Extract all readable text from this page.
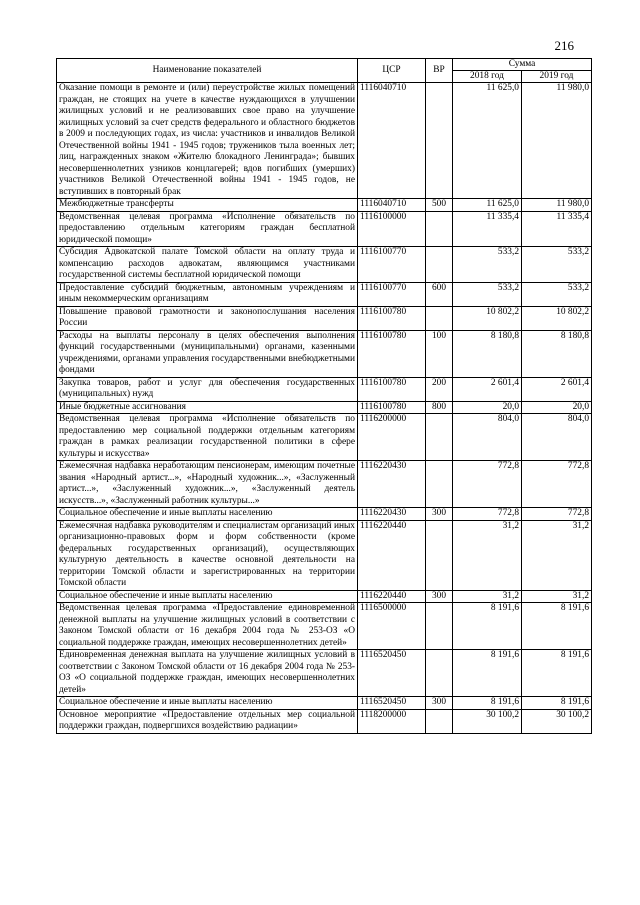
216
Наименование показателей	ЦСР	ВР	Сумма	
			2018 год	2019 год
Оказание помощи в ремонте и (или) переустройстве жилых помещений граждан, не стоящих на учете в качестве нуждающихся в улучшении жилищных условий и не реализовавших свое право на улучшение жилищных условий за счет средств федерального и областного бюджетов в 2009 и последующих годах, из числа: участников и инвалидов Великой Отечественной войны 1941 - 1945 годов; тружеников тыла военных лет; лиц, награжденных знаком «Жителю блокадного Ленинграда»; бывших несовершеннолетних узников концлагерей; вдов погибших (умерших) участников Великой Отечественной войны 1941 - 1945 годов, не вступивших в повторный брак	1116040710		11 625,0	11 980,0
Межбюджетные трансферты	1116040710	500	11 625,0	11 980,0
Ведомственная целевая программа «Исполнение обязательств по предоставлению отдельным категориям граждан бесплатной юридической помощи»	1116100000		11 335,4	11 335,4
Субсидия Адвокатской палате Томской области на оплату труда и компенсацию расходов адвокатам, являющимся участниками государственной системы бесплатной юридической помощи	1116100770		533,2	533,2
Предоставление субсидий бюджетным, автономным учреждениям и иным некоммерческим организациям	1116100770	600	533,2	533,2
Повышение правовой грамотности и законопослушания населения России	1116100780		10 802,2	10 802,2
Расходы на выплаты персоналу в целях обеспечения выполнения функций государственными (муниципальными) органами, казенными учреждениями, органами управления государственными внебюджетными фондами	1116100780	100	8 180,8	8 180,8
Закупка товаров, работ и услуг для обеспечения государственных (муниципальных) нужд	1116100780	200	2 601,4	2 601,4
Иные бюджетные ассигнования	1116100780	800	20,0	20,0
Ведомственная целевая программа «Исполнение обязательств по предоставлению мер социальной поддержки отдельным категориям граждан в рамках реализации государственной политики в сфере культуры и искусства»	1116200000		804,0	804,0
Ежемесячная надбавка неработающим пенсионерам, имеющим почетные звания «Народный артист...», «Народный художник...», «Заслуженный артист...», «Заслуженный художник...», «Заслуженный деятель искусств...», «Заслуженный работник культуры...»	1116220430		772,8	772,8
Социальное обеспечение и иные выплаты населению	1116220430	300	772,8	772,8
Ежемесячная надбавка руководителям и специалистам организаций иных организационно-правовых форм и форм собственности (кроме федеральных государственных организаций), осуществляющих культурную деятельность в качестве основной деятельности на территории Томской области и зарегистрированных на территории Томской области	1116220440		31,2	31,2
Социальное обеспечение и иные выплаты населению	1116220440	300	31,2	31,2
Ведомственная целевая программа «Предоставление единовременной денежной выплаты на улучшение жилищных условий в соответствии с Законом Томской области от 16 декабря 2004 года № 253-ОЗ «О социальной поддержке граждан, имеющих несовершеннолетних детей»	1116500000		8 191,6	8 191,6
Единовременная денежная выплата на улучшение жилищных условий в соответствии с Законом Томской области от 16 декабря 2004 года № 253-ОЗ «О социальной поддержке граждан, имеющих несовершеннолетних детей»	1116520450		8 191,6	8 191,6
Социальное обеспечение и иные выплаты населению	1116520450	300	8 191,6	8 191,6
Основное мероприятие «Предоставление отдельных мер социальной поддержки граждан, подвергшихся воздействию радиации»	1118200000		30 100,2	30 100,2
